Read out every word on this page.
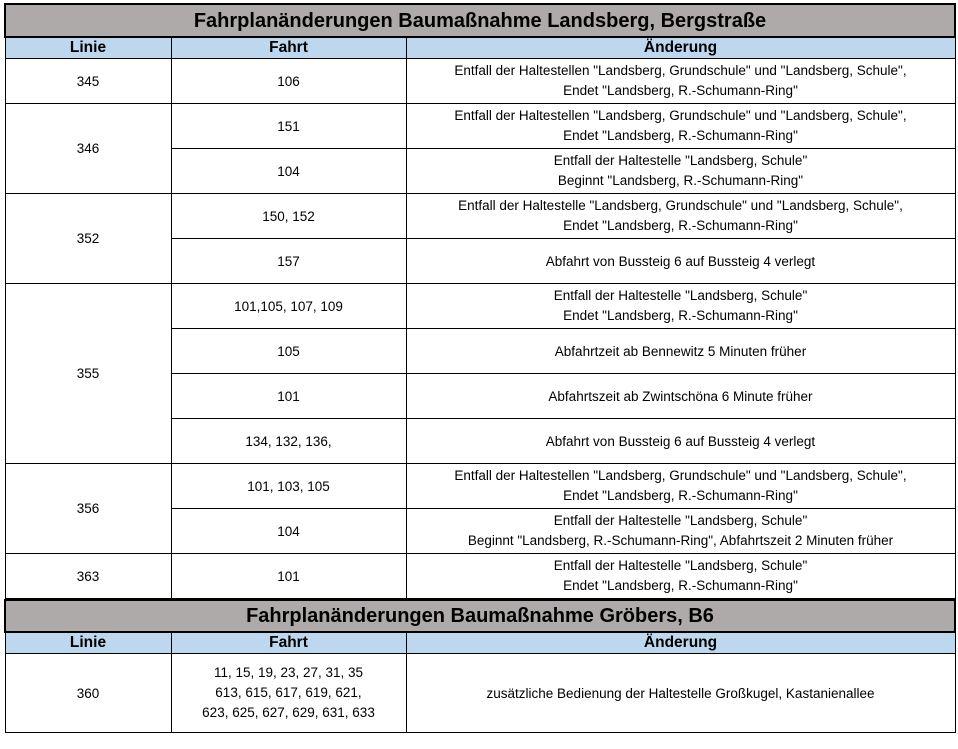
Fahrplanänderungen Baumaßnahme Landsberg, Bergstraße		
Linie	Fahrt	Änderung
345	106	Entfall der Haltestellen "Landsberg, Grundschule" und "Landsberg, Schule",
Endet "Landsberg, R.-Schumann-Ring"

346	151	Entfall der Haltestellen "Landsberg, Grundschule" und "Landsberg, Schule",
Endet "Landsberg, R.-Schumann-Ring"

	104	Entfall der Haltestelle "Landsberg, Schule"
Beginnt "Landsberg, R.-Schumann-Ring"

352	150, 152	Entfall der Haltestelle "Landsberg, Grundschule" und "Landsberg, Schule",
Endet "Landsberg, R.-Schumann-Ring"

	157	Abfahrt von Bussteig 6 auf Bussteig 4 verlegt

355	101,105, 107, 109	Entfall der Haltestelle "Landsberg, Schule"
Endet "Landsberg, R.-Schumann-Ring"

	105	Abfahrtzeit ab Bennewitz 5 Minuten früher

	101	Abfahrtszeit ab Zwintschöna 6 Minute früher

	134, 132, 136,	Abfahrt von Bussteig 6 auf Bussteig 4 verlegt

356	101, 103, 105	Entfall der Haltestellen "Landsberg, Grundschule" und "Landsberg, Schule",
Endet "Landsberg, R.-Schumann-Ring"

	104	Entfall der Haltestelle "Landsberg, Schule"
Beginnt "Landsberg, R.-Schumann-Ring", Abfahrtszeit 2 Minuten früher

363	101	Entfall der Haltestelle "Landsberg, Schule"
Endet "Landsberg, R.-Schumann-Ring"
Fahrplanänderungen Baumaßnahme Gröbers, B6		
Linie	Fahrt	Änderung
360	11, 15, 19, 23, 27, 31, 35
613, 615, 617, 619, 621,
623, 625, 627, 629, 631, 633	zusätzliche Bedienung der Haltestelle Großkugel, Kastanienallee
